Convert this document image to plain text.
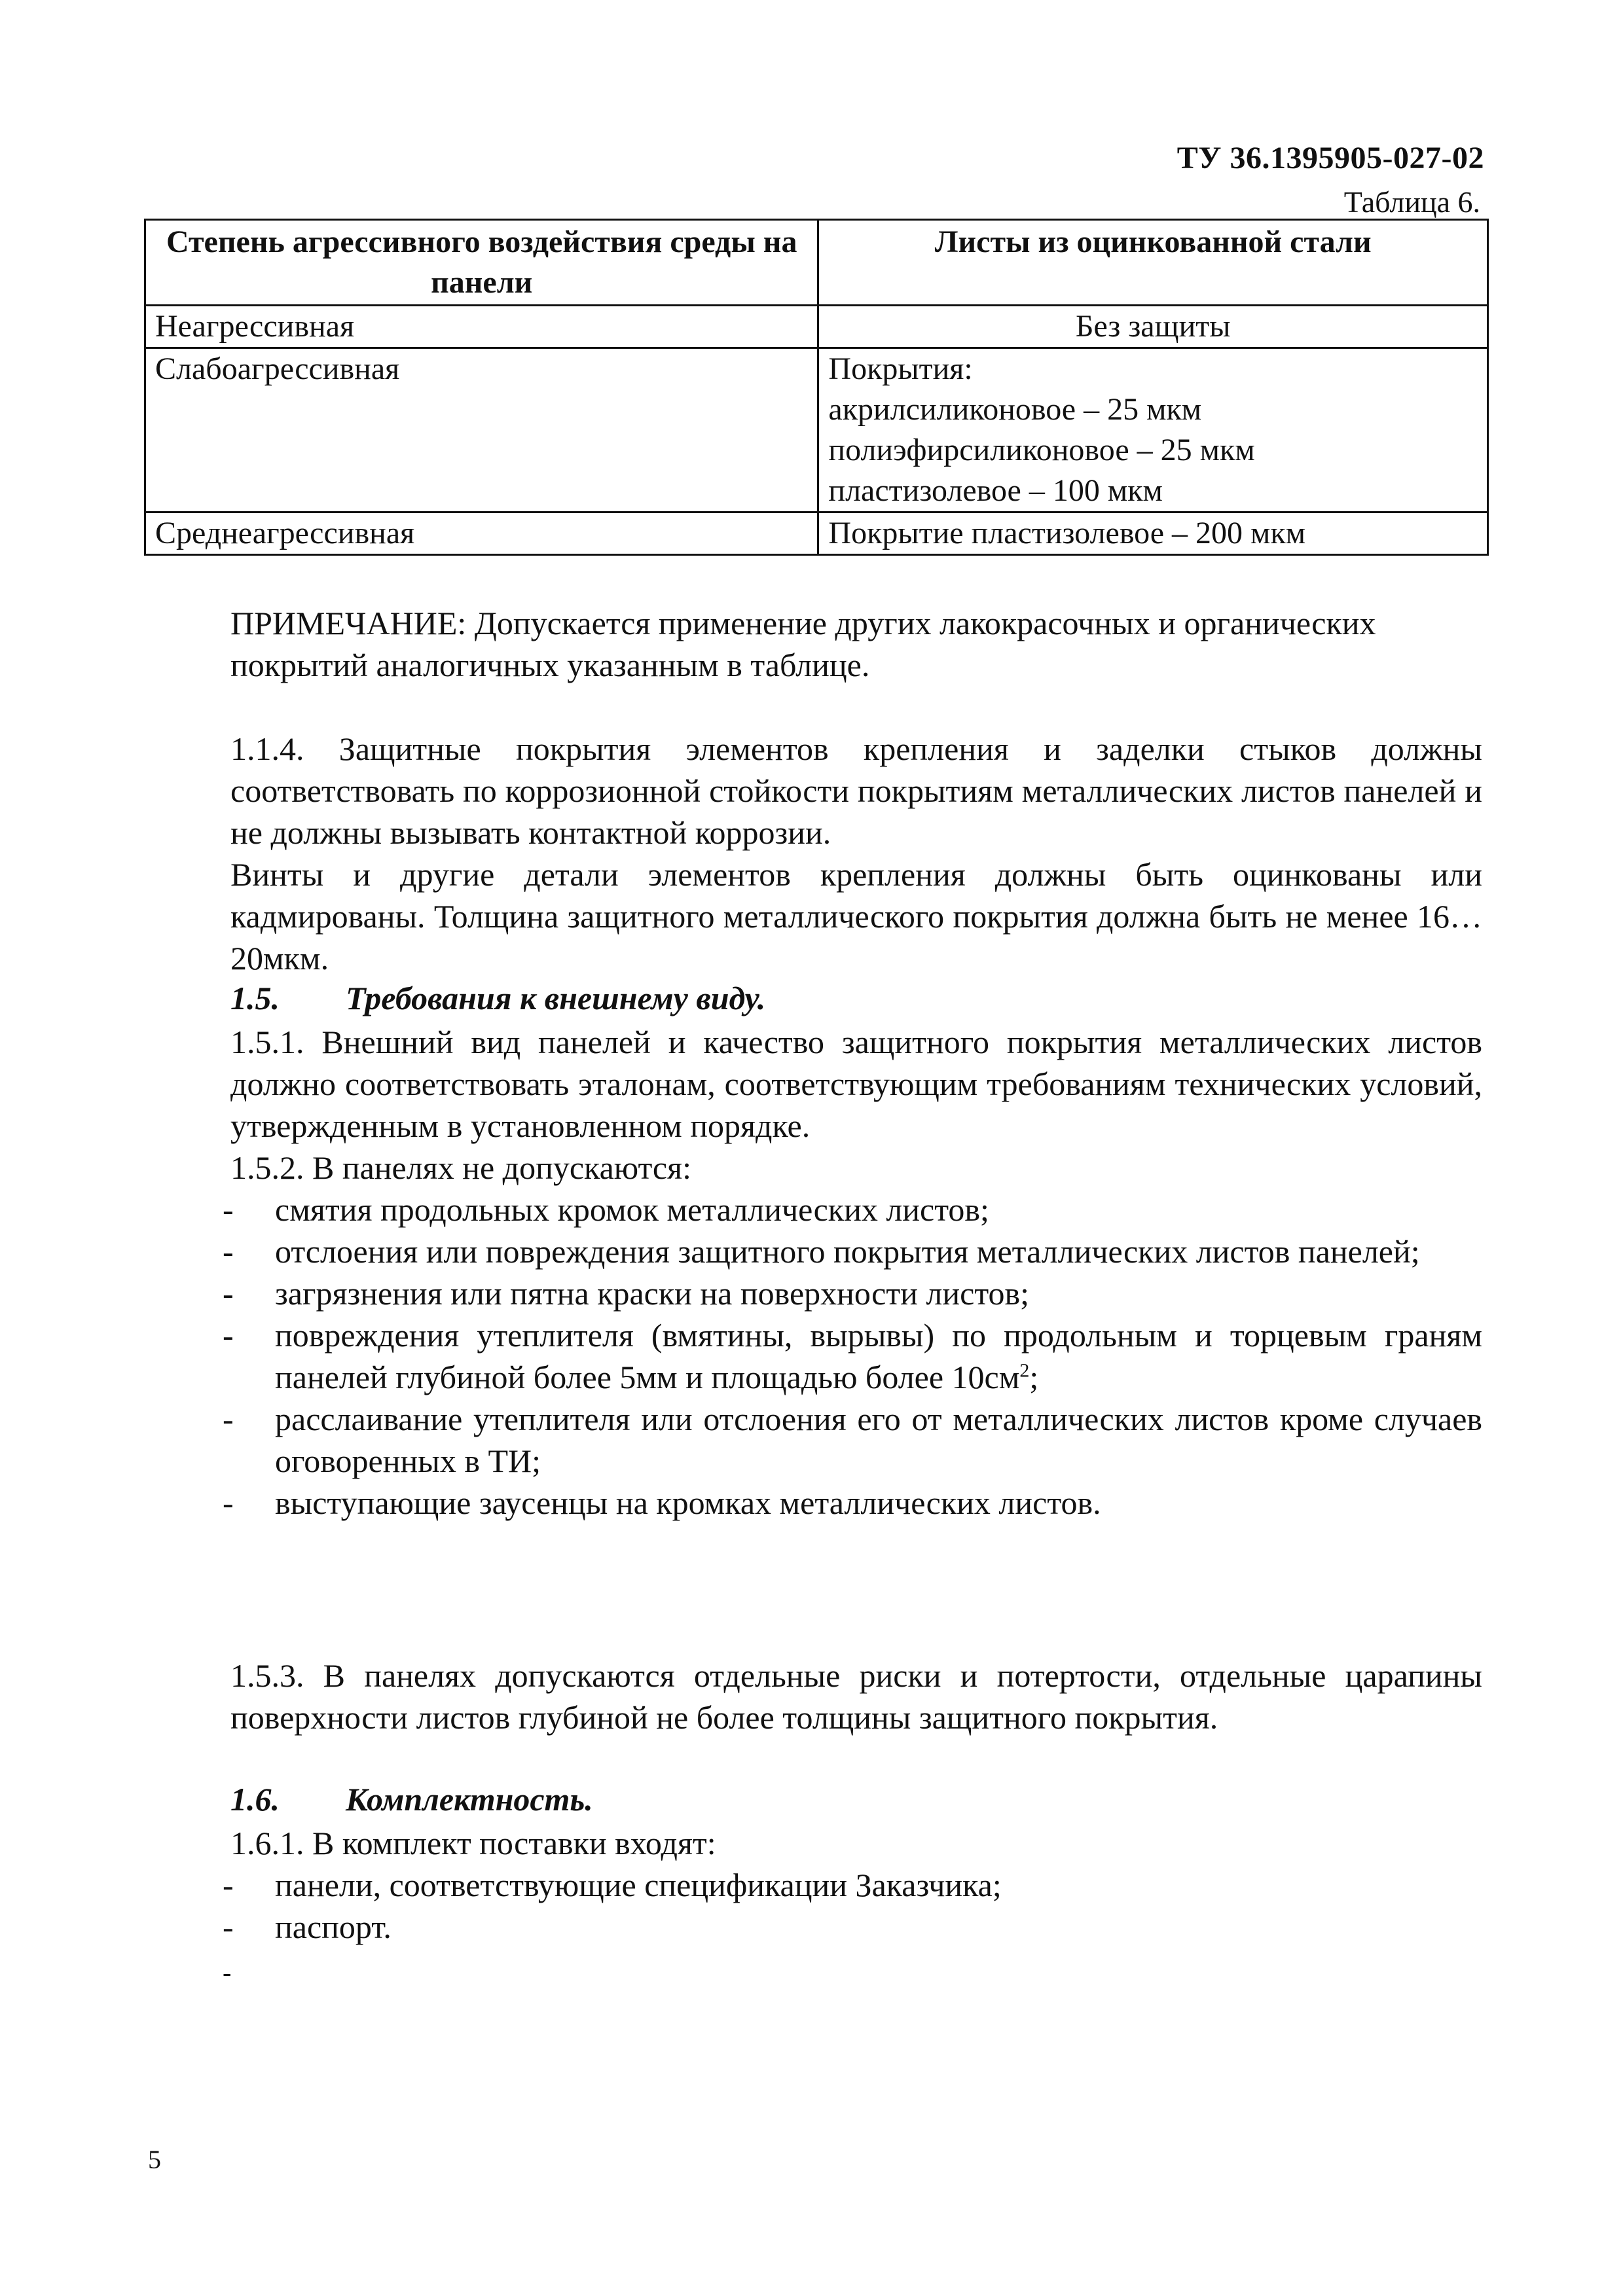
ТУ 36.1395905-027-02
Таблица 6.
Степень агрессивного воздействия среды на панели	Листы из оцинкованной стали
Неагрессивная	Без защиты

Слабоагрессивная	Покрытия:
акрилсиликоновое – 25 мкм
полиэфирсиликоновое – 25 мкм
пластизолевое – 100 мкм

Среднеагрессивная	Покрытие пластизолевое – 200 мкм
ПРИМЕЧАНИЕ: Допускается применение других лакокрасочных и органических покрытий аналогичных указанным в таблице.
1.1.4. Защитные покрытия элементов крепления и заделки стыков должны соответствовать по коррозионной стойкости покрытиям металлических листов панелей и не должны вызывать контактной коррозии.
Винты и другие детали элементов крепления должны быть оцинкованы или кадмированы. Толщина защитного металлического покрытия должна быть не менее 16…20мкм.
1.5. Требования к внешнему виду.
1.5.1. Внешний вид панелей и качество защитного покрытия металлических листов должно соответствовать эталонам, соответствующим требованиям технических условий, утвержденным в установленном порядке.
1.5.2. В панелях не допускаются:
-	смятия продольных кромок металлических листов;
-	отслоения или повреждения защитного покрытия металлических листов панелей;
-	загрязнения или пятна краски на поверхности листов;
-	повреждения утеплителя (вмятины, вырывы) по продольным и торцевым граням панелей глубиной более 5мм и площадью более $10см^2$;
-	расслаивание утеплителя или отслоения его от металлических листов кроме случаев оговоренных в ТИ;
-	выступающие заусенцы на кромках металлических листов.
1.5.3. В панелях допускаются отдельные риски и потертости, отдельные царапины поверхности листов глубиной не более толщины защитного покрытия.
1.6. Комплектность.
1.6.1. В комплект поставки входят:
-	панели, соответствующие спецификации Заказчика;
-	паспорт.
-
5
